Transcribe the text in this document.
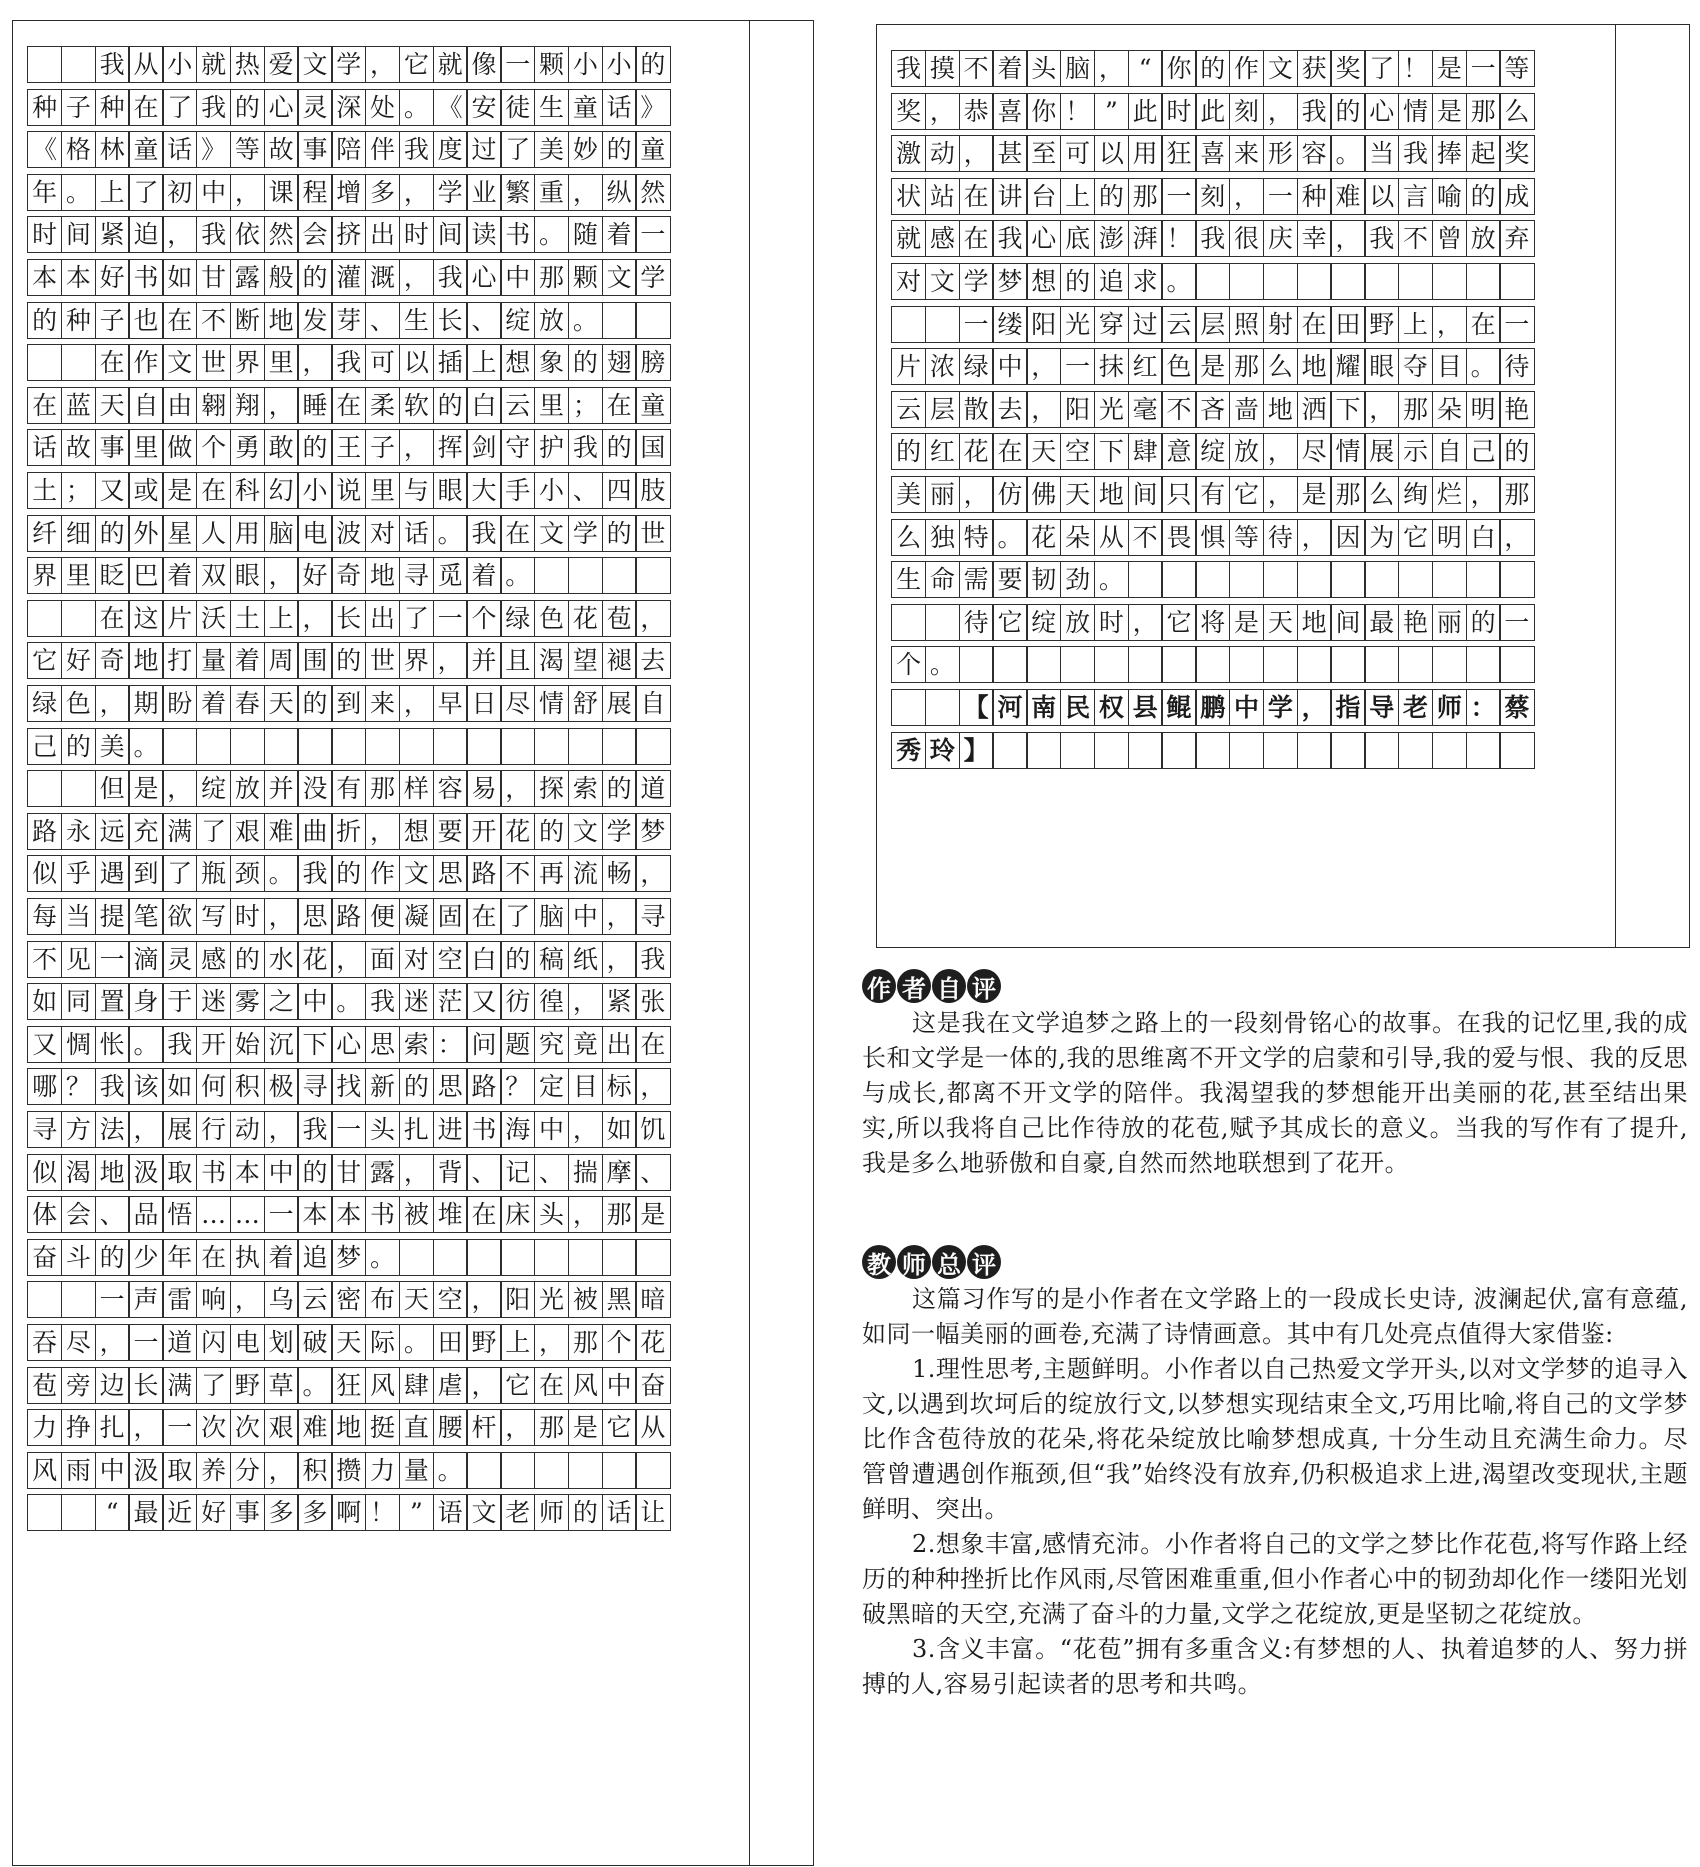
我 从 小 就 热 爱 文 学 ， 它 就 像 一 颗 小 小 的
种 子 种 在 了 我 的 心 灵 深 处 。 《 安 徒 生 童 话 》
《 格 林 童 话 》 等 故 事 陪 伴 我 度 过 了 美 妙 的 童
年 。 上 了 初 中 ， 课 程 增 多 ， 学 业 繁 重 ， 纵 然
时 间 紧 迫 ， 我 依 然 会 挤 出 时 间 读 书 。 随 着 一
本 本 好 书 如 甘 露 般 的 灌 溉 ， 我 心 中 那 颗 文 学
的 种 子 也 在 不 断 地 发 芽 、 生 长 、 绽 放 。
在 作 文 世 界 里 ， 我 可 以 插 上 想 象 的 翅 膀
在 蓝 天 自 由 翱 翔 ， 睡 在 柔 软 的 白 云 里 ； 在 童
话 故 事 里 做 个 勇 敢 的 王 子 ， 挥 剑 守 护 我 的 国
土 ； 又 或 是 在 科 幻 小 说 里 与 眼 大 手 小 、 四 肢
纤 细 的 外 星 人 用 脑 电 波 对 话 。 我 在 文 学 的 世
界 里 眨 巴 着 双 眼 ， 好 奇 地 寻 觅 着 。
在 这 片 沃 土 上 ， 长 出 了 一 个 绿 色 花 苞 ，
它 好 奇 地 打 量 着 周 围 的 世 界 ， 并 且 渴 望 褪 去
绿 色 ， 期 盼 着 春 天 的 到 来 ， 早 日 尽 情 舒 展 自
己 的 美 。
但 是 ， 绽 放 并 没 有 那 样 容 易 ， 探 索 的 道
路 永 远 充 满 了 艰 难 曲 折 ， 想 要 开 花 的 文 学 梦
似 乎 遇 到 了 瓶 颈 。 我 的 作 文 思 路 不 再 流 畅 ，
每 当 提 笔 欲 写 时 ， 思 路 便 凝 固 在 了 脑 中 ， 寻
不 见 一 滴 灵 感 的 水 花 ， 面 对 空 白 的 稿 纸 ， 我
如 同 置 身 于 迷 雾 之 中 。 我 迷 茫 又 彷 徨 ， 紧 张
又 惆 怅 。 我 开 始 沉 下 心 思 索 ： 问 题 究 竟 出 在
哪 ？ 我 该 如 何 积 极 寻 找 新 的 思 路 ？ 定 目 标 ，
寻 方 法 ， 展 行 动 ， 我 一 头 扎 进 书 海 中 ， 如 饥
似 渴 地 汲 取 书 本 中 的 甘 露 ， 背 、 记 、 揣 摩 、
体 会 、 品 悟 … … 一 本 本 书 被 堆 在 床 头 ， 那 是
奋 斗 的 少 年 在 执 着 追 梦 。
一 声 雷 响 ， 乌 云 密 布 天 空 ， 阳 光 被 黑 暗
吞 尽 ， 一 道 闪 电 划 破 天 际 。 田 野 上 ， 那 个 花
苞 旁 边 长 满 了 野 草 。 狂 风 肆 虐 ， 它 在 风 中 奋
力 挣 扎 ， 一 次 次 艰 难 地 挺 直 腰 杆 ， 那 是 它 从
风 雨 中 汲 取 养 分 ， 积 攒 力 量 。
“ 最 近 好 事 多 多 啊 ！ ” 语 文 老 师 的 话 让
我 摸 不 着 头 脑 ， “ 你 的 作 文 获 奖 了 ！ 是 一 等
奖 ， 恭 喜 你 ！ ” 此 时 此 刻 ， 我 的 心 情 是 那 么
激 动 ， 甚 至 可 以 用 狂 喜 来 形 容 。 当 我 捧 起 奖
状 站 在 讲 台 上 的 那 一 刻 ， 一 种 难 以 言 喻 的 成
就 感 在 我 心 底 澎 湃 ！ 我 很 庆 幸 ， 我 不 曾 放 弃
对 文 学 梦 想 的 追 求 。
一 缕 阳 光 穿 过 云 层 照 射 在 田 野 上 ， 在 一
片 浓 绿 中 ， 一 抹 红 色 是 那 么 地 耀 眼 夺 目 。 待
云 层 散 去 ， 阳 光 毫 不 吝 啬 地 洒 下 ， 那 朵 明 艳
的 红 花 在 天 空 下 肆 意 绽 放 ， 尽 情 展 示 自 己 的
美 丽 ， 仿 佛 天 地 间 只 有 它 ， 是 那 么 绚 烂 ， 那
么 独 特 。 花 朵 从 不 畏 惧 等 待 ， 因 为 它 明 白 ，
生 命 需 要 韧 劲 。
待 它 绽 放 时 ， 它 将 是 天 地 间 最 艳 丽 的 一
个 。
【 河 南 民 权 县 鲲 鹏 中 学 ， 指 导 老 师 ： 蔡
秀 玲 】
作 者 自 评

这是我在文学追梦之路上的一段刻骨铭心的故事。在我的记忆里,我的成长和文学是一体的,我的思维离不开文学的启蒙和引导,我的爱与恨、我的反思与成长,都离不开文学的陪伴。我渴望我的梦想能开出美丽的花,甚至结出果实,所以我将自己比作待放的花苞,赋予其成长的意义。当我的写作有了提升,我是多么地骄傲和自豪,自然而然地联想到了花开。

教 师 总 评

这篇习作写的是小作者在文学路上的一段成长史诗, 波澜起伏,富有意蕴,如同一幅美丽的画卷,充满了诗情画意。其中有几处亮点值得大家借鉴:

1.理性思考,主题鲜明。小作者以自己热爱文学开头,以对文学梦的追寻入文,以遇到坎坷后的绽放行文,以梦想实现结束全文,巧用比喻,将自己的文学梦比作含苞待放的花朵,将花朵绽放比喻梦想成真, 十分生动且充满生命力。尽管曾遭遇创作瓶颈,但“我”始终没有放弃,仍积极追求上进,渴望改变现状,主题鲜明、突出。

2.想象丰富,感情充沛。小作者将自己的文学之梦比作花苞,将写作路上经历的种种挫折比作风雨,尽管困难重重,但小作者心中的韧劲却化作一缕阳光划破黑暗的天空,充满了奋斗的力量,文学之花绽放,更是坚韧之花绽放。

3.含义丰富。“花苞”拥有多重含义:有梦想的人、执着追梦的人、努力拼搏的人,容易引起读者的思考和共鸣。
